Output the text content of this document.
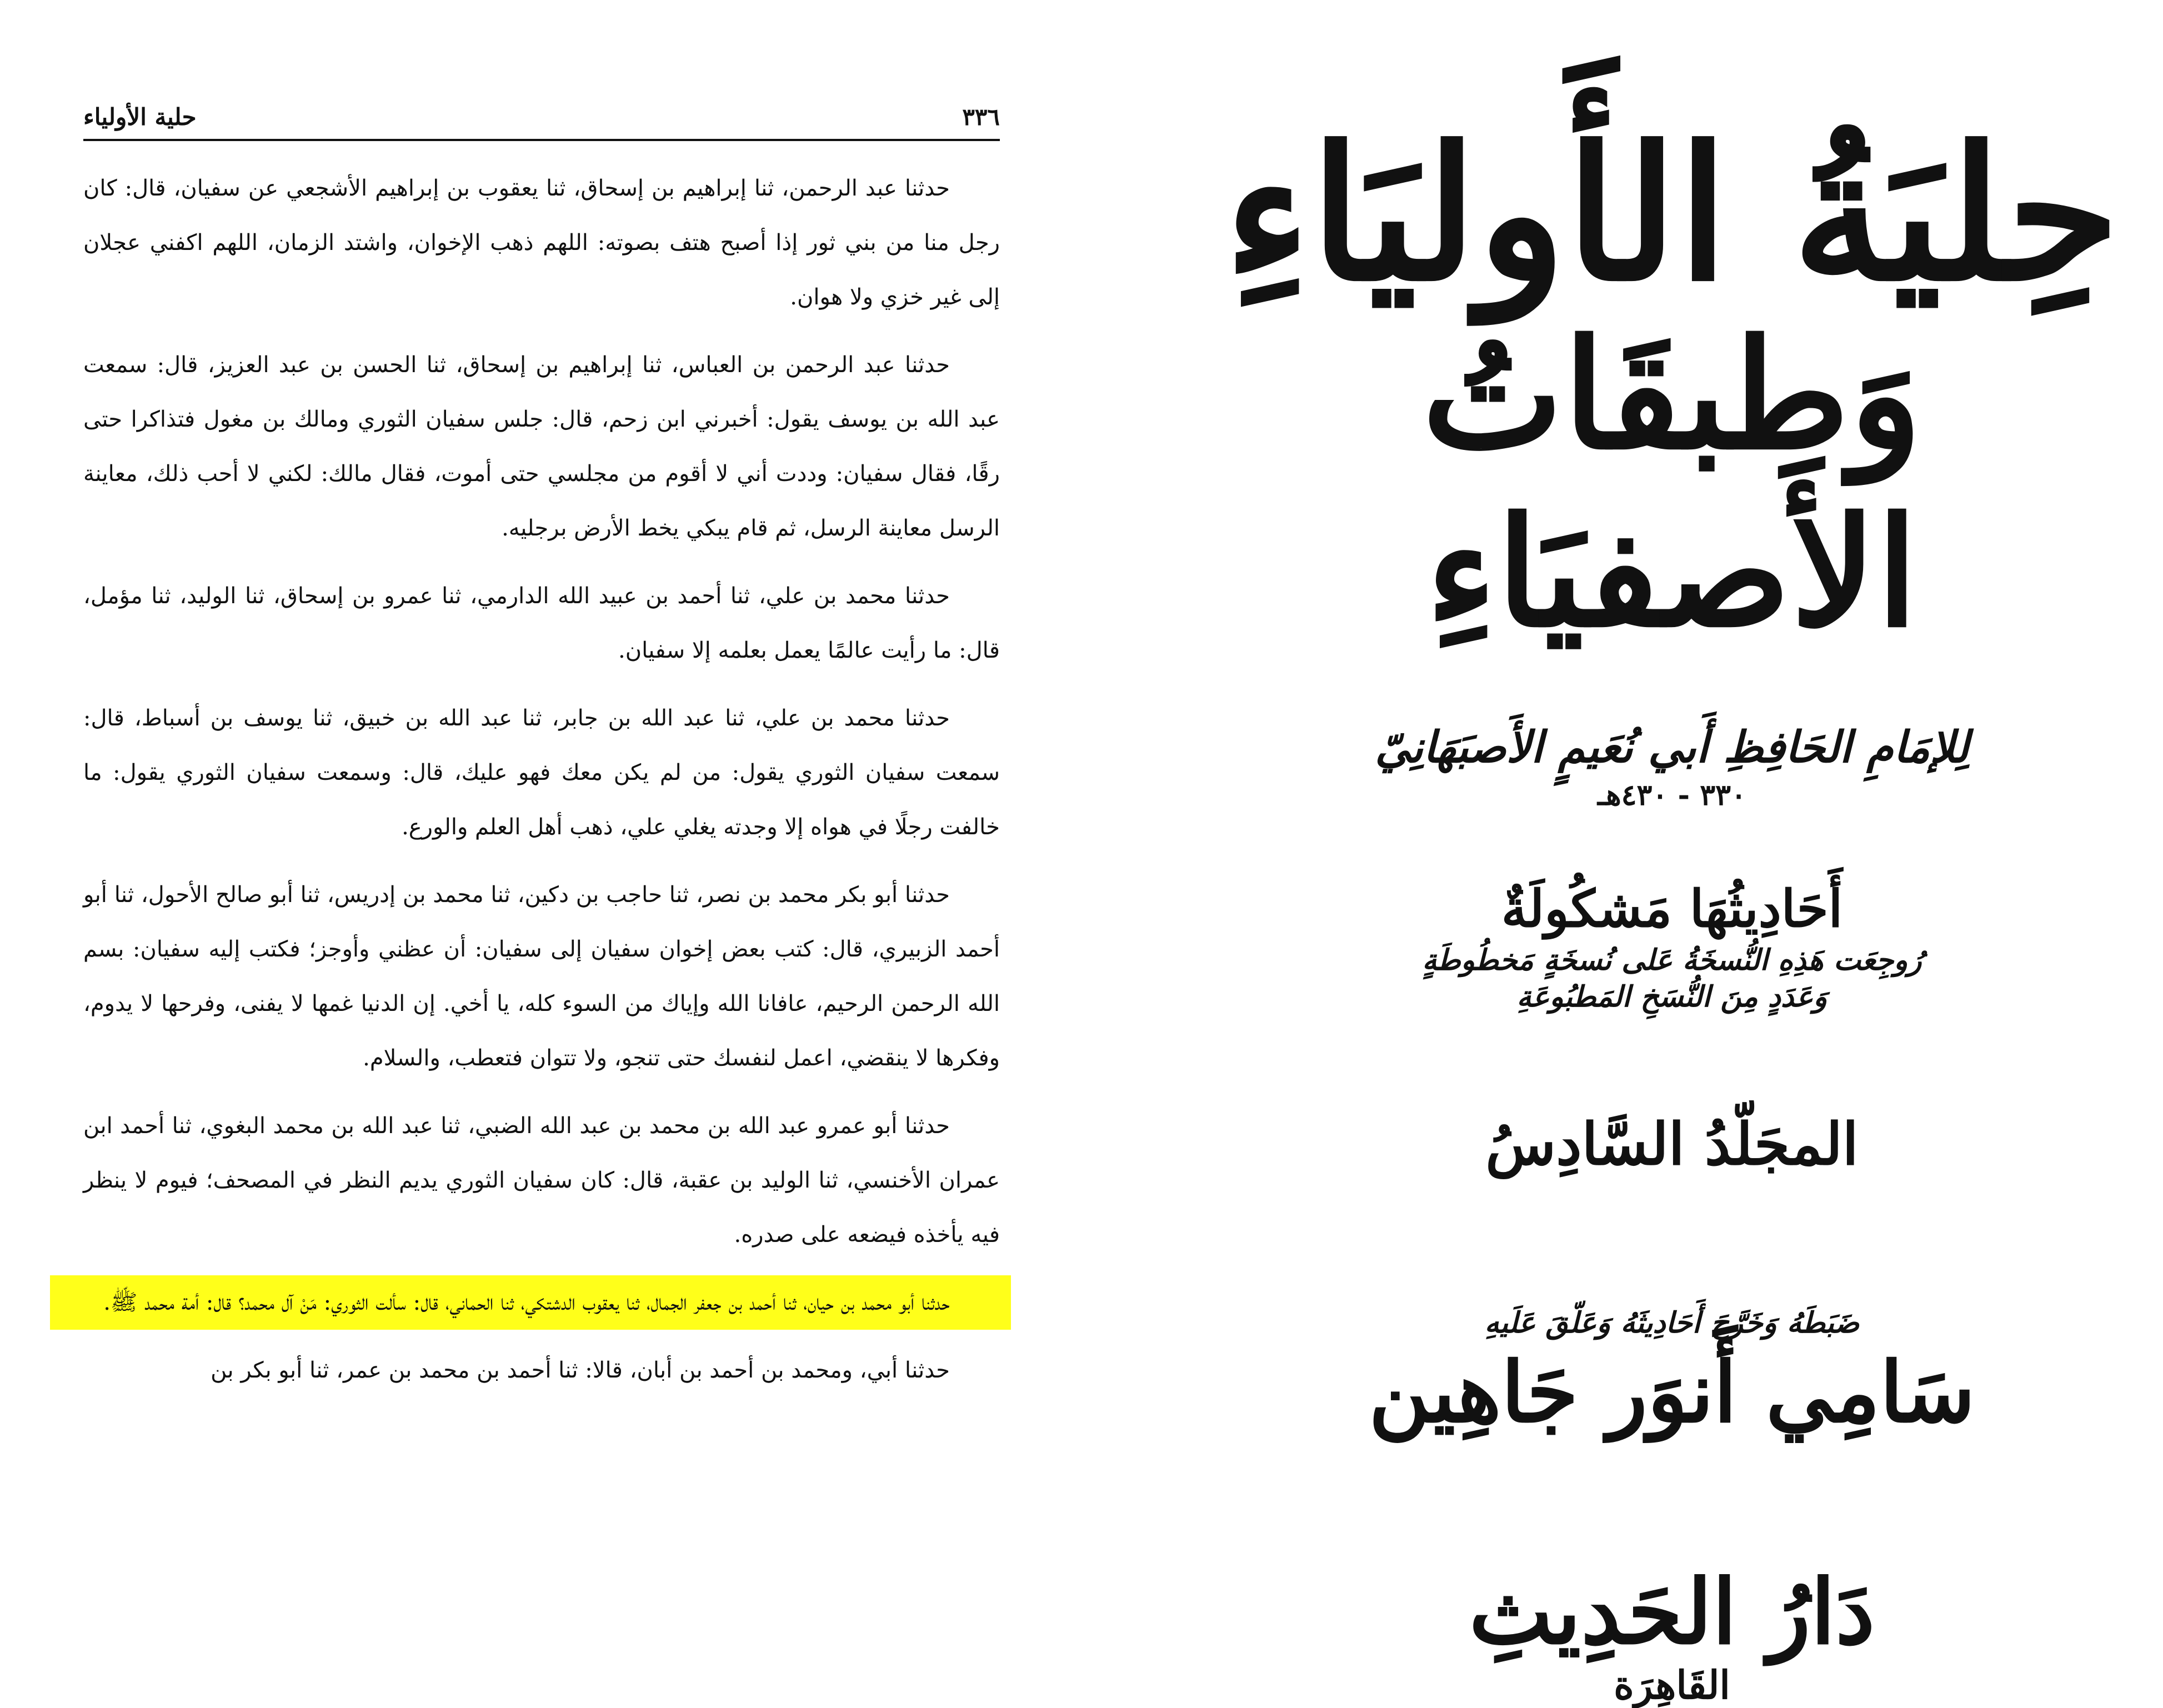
٣٣٦
حلية الأولياء

حدثنا عبد الرحمن، ثنا إبراهيم بن إسحاق، ثنا يعقوب بن إبراهيم الأشجعي عن سفيان، قال: كان رجل منا من بني ثور إذا أصبح هتف بصوته: اللهم ذهب الإخوان، واشتد الزمان، اللهم اكفني عجلان إلى غير خزي ولا هوان.

حدثنا عبد الرحمن بن العباس، ثنا إبراهيم بن إسحاق، ثنا الحسن بن عبد العزيز، قال: سمعت عبد الله بن يوسف يقول: أخبرني ابن زحم، قال: جلس سفيان الثوري ومالك بن مغول فتذاكرا حتى رقًا، فقال سفيان: وددت أني لا أقوم من مجلسي حتى أموت، فقال مالك: لكني لا أحب ذلك، معاينة الرسل معاينة الرسل، ثم قام يبكي يخط الأرض برجليه.

حدثنا محمد بن علي، ثنا أحمد بن عبيد الله الدارمي، ثنا عمرو بن إسحاق، ثنا الوليد، ثنا مؤمل، قال: ما رأيت عالمًا يعمل بعلمه إلا سفيان.

حدثنا محمد بن علي، ثنا عبد الله بن جابر، ثنا عبد الله بن خبيق، ثنا يوسف بن أسباط، قال: سمعت سفيان الثوري يقول: من لم يكن معك فهو عليك، قال: وسمعت سفيان الثوري يقول: ما خالفت رجلًا في هواه إلا وجدته يغلي علي، ذهب أهل العلم والورع.

حدثنا أبو بكر محمد بن نصر، ثنا حاجب بن دكين، ثنا محمد بن إدريس، ثنا أبو صالح الأحول، ثنا أبو أحمد الزبيري، قال: كتب بعض إخوان سفيان إلى سفيان: أن عظني وأوجز؛ فكتب إليه سفيان: بسم الله الرحمن الرحيم، عافانا الله وإياك من السوء كله، يا أخي. إن الدنيا غمها لا يفنى، وفرحها لا يدوم، وفكرها لا ينقضي، اعمل لنفسك حتى تنجو، ولا تتوان فتعطب، والسلام.

حدثنا أبو عمرو عبد الله بن محمد بن عبد الله الضبي، ثنا عبد الله بن محمد البغوي، ثنا أحمد ابن عمران الأخنسي، ثنا الوليد بن عقبة، قال: كان سفيان الثوري يديم النظر في المصحف؛ فيوم لا ينظر فيه يأخذه فيضعه على صدره.

حدثنا أبو محمد بن حيان، ثنا أحمد بن جعفر الجمال، ثنا يعقوب الدشتكي، ثنا الحماني، قال: سألت الثوري: مَنْ آل محمد؟ قال: أمة محمد ﷺ.

حدثنا أبي، ومحمد بن أحمد بن أبان، قالا: ثنا أحمد بن محمد بن عمر، ثنا أبو بكر بن

حِليَةُ الأَوليَاءِ
وَطبقَاتُ الأَصفيَاءِ
لِلإمَامِ الحَافِظِ أَبي نُعَيمٍ الأَصبَهَانِيّ
٣٣٠ - ٤٣٠هـ
أَحَادِيثُهَا مَشكُولَةٌ
رُوجِعَت هَذِهِ النُّسخَةُ عَلى نُسخَةٍ مَخطُوطَةٍ
وَعَدَدٍ مِنَ النُّسَخِ المَطبُوعَةِ
المجَلّدُ السَّادِسُ
ضَبَطَهُ وَخَرَّجَ أَحَادِيثَهُ وَعَلّقَ عَلَيهِ
سَامِي أَنوَر جَاهِين
دَارُ الحَدِيثِ
القَاهِرَة
